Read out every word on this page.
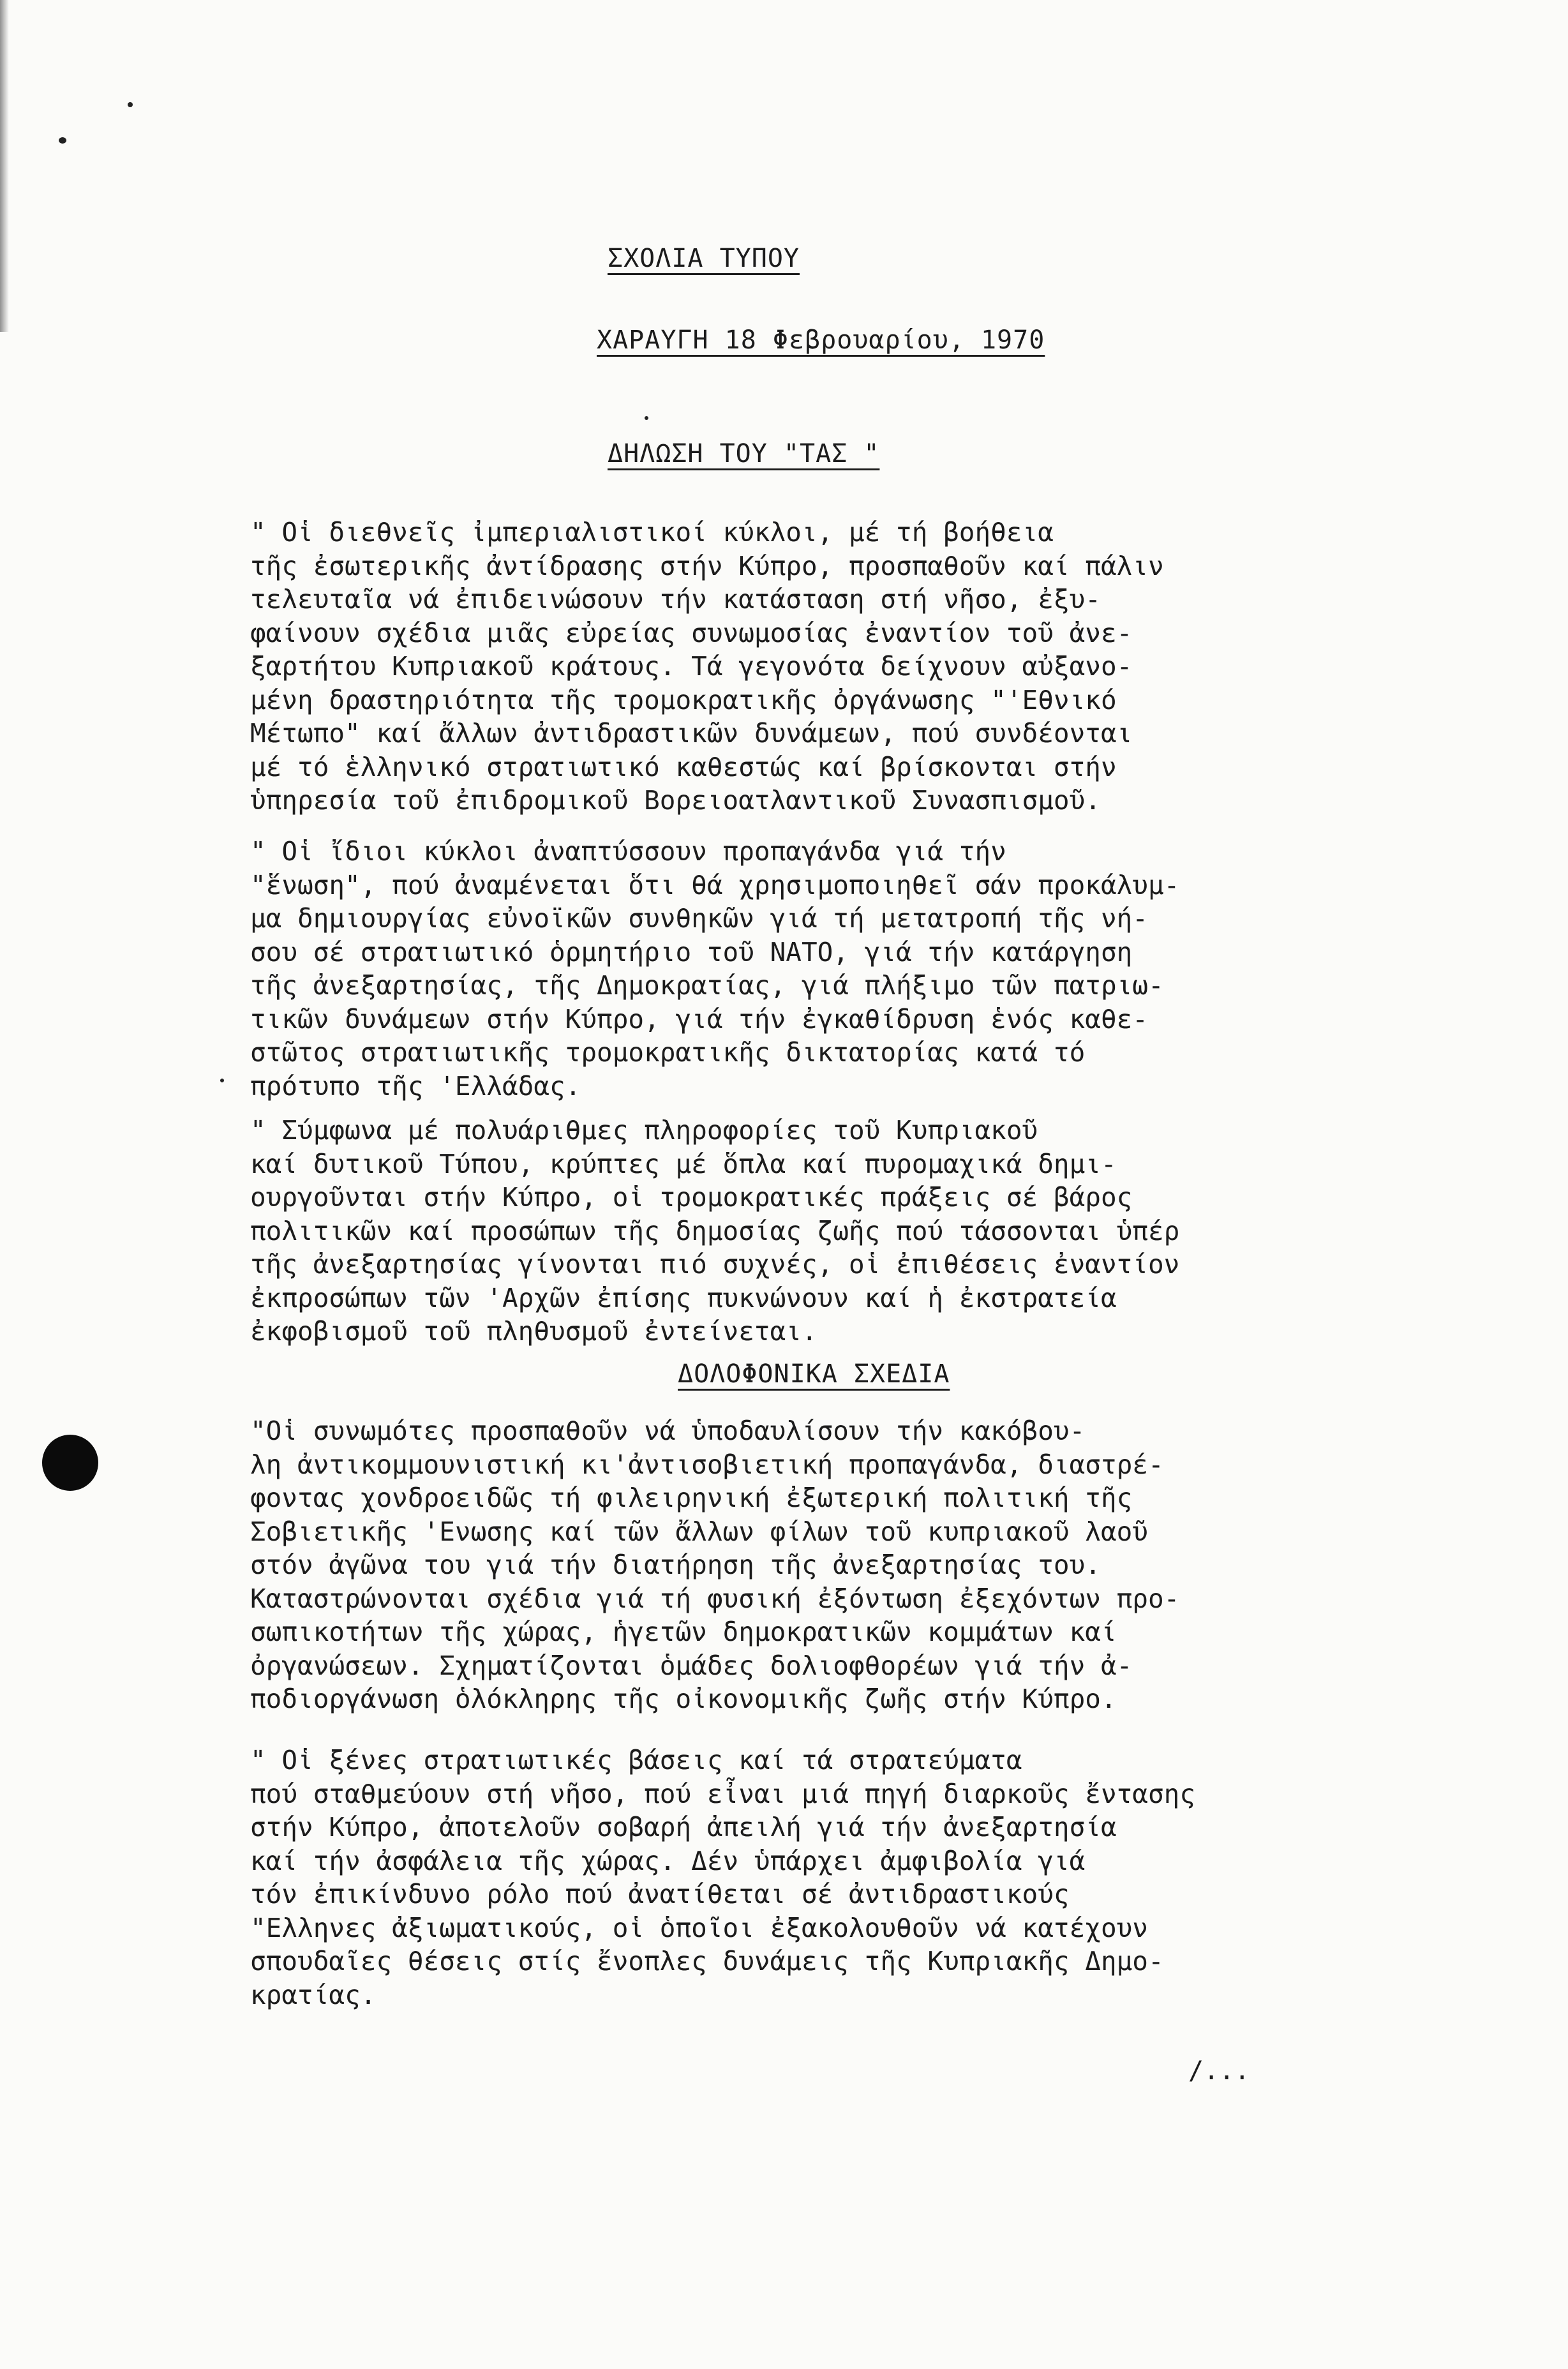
ΣΧΟΛΙΑ ΤΥΠΟΥ
ΧΑΡΑΥΓΗ 18 Φεβρουαρίου, 1970
ΔΗΛΩΣΗ ΤΟΥ "ΤΑΣ "
" Οἱ διεθνεῖς ἰμπεριαλιστικοί κύκλοι, μέ τή βοήθεια
τῆς ἐσωτερικῆς ἀντίδρασης στήν Κύπρο, προσπαθοῦν καί πάλιν
τελευταῖα νά ἐπιδεινώσουν τήν κατάσταση στή νῆσο, ἐξυ-
φαίνουν σχέδια μιᾶς εὐρείας συνωμοσίας ἐναντίον τοῦ ἀνε-
ξαρτήτου Κυπριακοῦ κράτους. Τά γεγονότα δείχνουν αὐξανο-
μένη δραστηριότητα τῆς τρομοκρατικῆς ὀργάνωσης "'Εθνικό
Μέτωπο" καί ἄλλων ἀντιδραστικῶν δυνάμεων, πού συνδέονται
μέ τό ἑλληνικό στρατιωτικό καθεστώς καί βρίσκονται στήν
ὑπηρεσία τοῦ ἐπιδρομικοῦ Βορειοατλαντικοῦ Συνασπισμοῦ.
" Οἱ ἴδιοι κύκλοι ἀναπτύσσουν προπαγάνδα γιά τήν
"ἕνωση", πού ἀναμένεται ὅτι θά χρησιμοποιηθεῖ σάν προκάλυμ-
μα δημιουργίας εὐνοϊκῶν συνθηκῶν γιά τή μετατροπή τῆς νή-
σου σέ στρατιωτικό ὁρμητήριο τοῦ ΝΑΤΟ, γιά τήν κατάργηση
τῆς ἀνεξαρτησίας, τῆς Δημοκρατίας, γιά πλήξιμο τῶν πατριω-
τικῶν δυνάμεων στήν Κύπρο, γιά τήν ἐγκαθίδρυση ἑνός καθε-
στῶτος στρατιωτικῆς τρομοκρατικῆς δικτατορίας κατά τό
πρότυπο τῆς 'Ελλάδας.
" Σύμφωνα μέ πολυάριθμες πληροφορίες τοῦ Κυπριακοῦ
καί δυτικοῦ Τύπου, κρύπτες μέ ὅπλα καί πυρομαχικά δημι-
ουργοῦνται στήν Κύπρο, οἱ τρομοκρατικές πράξεις σέ βάρος
πολιτικῶν καί προσώπων τῆς δημοσίας ζωῆς πού τάσσονται ὑπέρ
τῆς ἀνεξαρτησίας γίνονται πιό συχνές, οἱ ἐπιθέσεις ἐναντίον
ἐκπροσώπων τῶν 'Αρχῶν ἐπίσης πυκνώνουν καί ἡ ἐκστρατεία
ἐκφοβισμοῦ τοῦ πληθυσμοῦ ἐντείνεται.
ΔΟΛΟΦΟΝΙΚΑ ΣΧΕΔΙΑ
"Οἱ συνωμότες προσπαθοῦν νά ὑποδαυλίσουν τήν κακόβου-
λη ἀντικομμουνιστική κι'ἀντισοβιετική προπαγάνδα, διαστρέ-
φοντας χονδροειδῶς τή φιλειρηνική ἐξωτερική πολιτική τῆς
Σοβιετικῆς 'Ενωσης καί τῶν ἄλλων φίλων τοῦ κυπριακοῦ λαοῦ
στόν ἀγῶνα του γιά τήν διατήρηση τῆς ἀνεξαρτησίας του.
Καταστρώνονται σχέδια γιά τή φυσική ἐξόντωση ἐξεχόντων προ-
σωπικοτήτων τῆς χώρας, ἡγετῶν δημοκρατικῶν κομμάτων καί
ὀργανώσεων. Σχηματίζονται ὁμάδες δολιοφθορέων γιά τήν ἀ-
ποδιοργάνωση ὁλόκληρης τῆς οἰκονομικῆς ζωῆς στήν Κύπρο.
" Οἱ ξένες στρατιωτικές βάσεις καί τά στρατεύματα
πού σταθμεύουν στή νῆσο, πού εἶναι μιά πηγή διαρκοῦς ἔντασης
στήν Κύπρο, ἀποτελοῦν σοβαρή ἀπειλή γιά τήν ἀνεξαρτησία
καί τήν ἀσφάλεια τῆς χώρας. Δέν ὑπάρχει ἀμφιβολία γιά
τόν ἐπικίνδυνο ρόλο πού ἀνατίθεται σέ ἀντιδραστικούς
"Ελληνες ἀξιωματικούς, οἱ ὁποῖοι ἐξακολουθοῦν νά κατέχουν
σπουδαῖες θέσεις στίς ἔνοπλες δυνάμεις τῆς Κυπριακῆς Δημο-
κρατίας.
/...
